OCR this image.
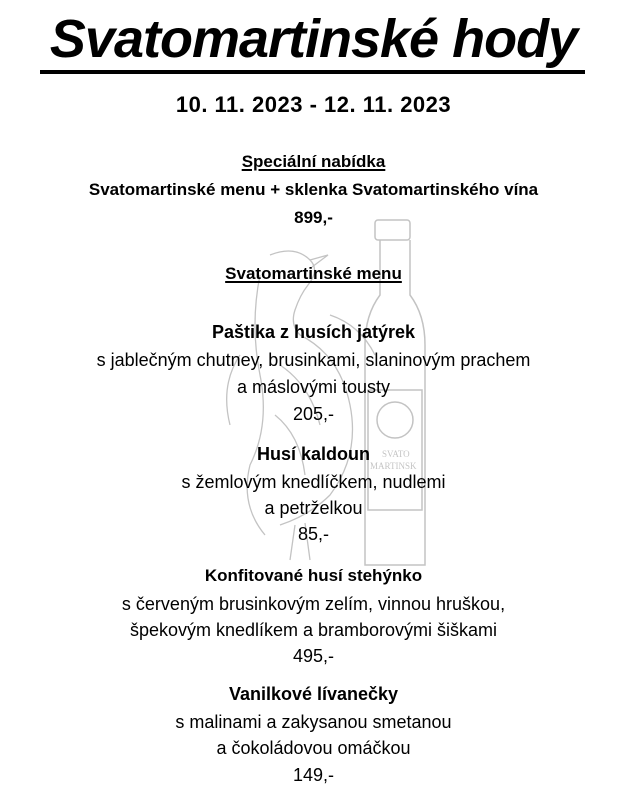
SVATO
MARTINSK
Svatomartinské hody
10. 11. 2023 - 12. 11. 2023
Speciální nabídka
Svatomartinské menu + sklenka Svatomartinského vína
899,-
Svatomartinské menu
Paštika z husích jatýrek
s jablečným chutney, brusinkami, slaninovým prachem
a máslovými tousty
205,-
Husí kaldoun
s žemlovým knedlíčkem, nudlemi
a petrželkou
85,-
Konfitované husí stehýnko
s červeným brusinkovým zelím, vinnou hruškou,
špekovým knedlíkem a bramborovými šiškami
495,-
Vanilkové lívanečky
s malinami a zakysanou smetanou
a čokoládovou omáčkou
149,-
